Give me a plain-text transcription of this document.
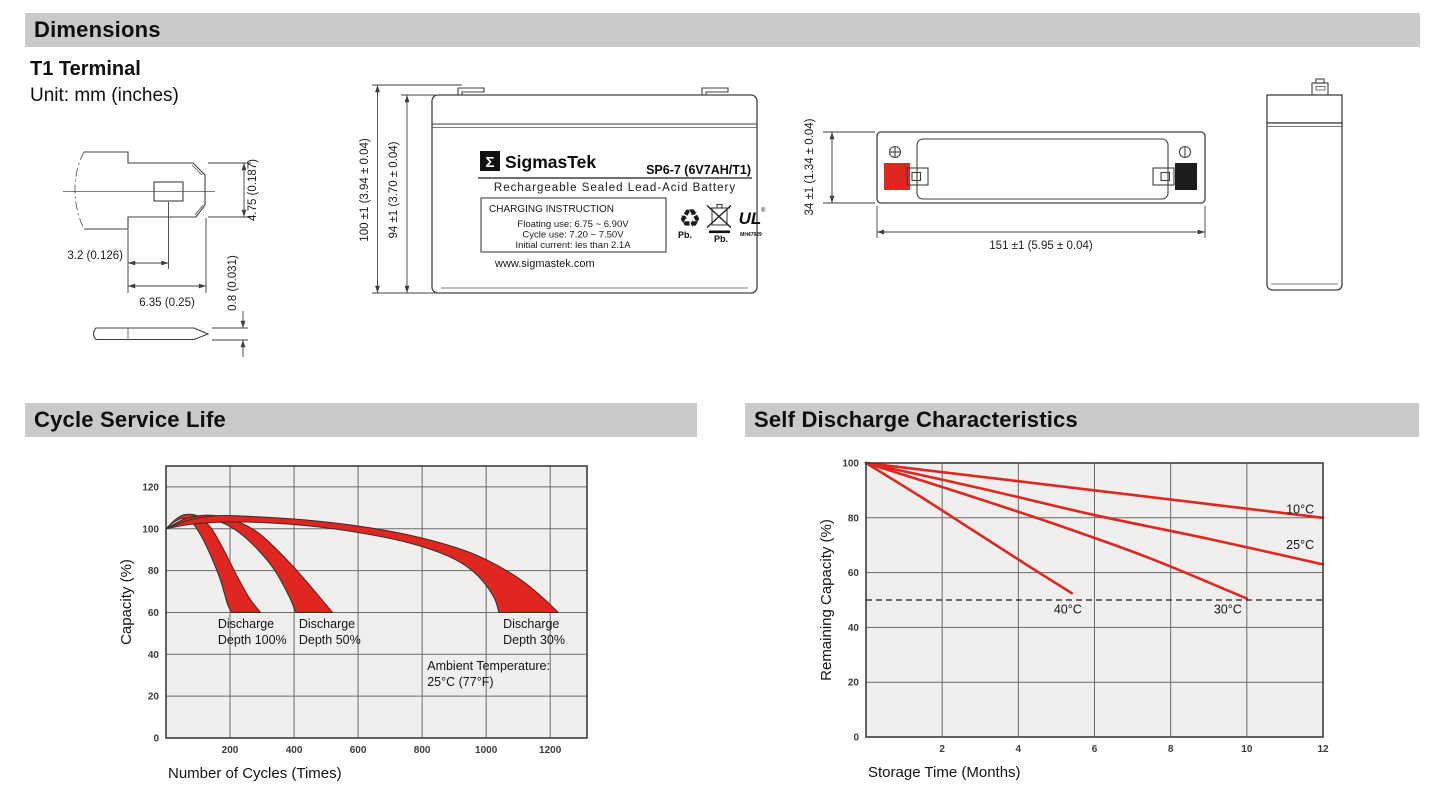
Dimensions
T1 Terminal
Unit: mm (inches)
Cycle Service Life	Self Discharge Characteristics
4.75 (0.187)
3.2 (0.126)
6.35 (0.25)	0.8 (0.031)
Σ SigmasTek	SP6-7 (6V7AH/T1)
Rechargeable Sealed Lead-Acid Battery
CHARGING INSTRUCTION
Floating use: 6.75 ~ 6.90V
Cycle use: 7.20 ~ 7.50V
Initial current: les than 2.1A
www.sigmastek.com
♻
Pb. Pb.
UL ®
MH47929
100 ±1 (3.94 ± 0.04) 94 ±1 (3.70 ± 0.04)
151 ±1 (5.95 ± 0.04)
34 ±1 (1.34 ± 0.04)
200	400	600	800	1000	1200
0
20
40
60
80
100
120
Discharge
Depth 100%
Discharge
Depth 50%
Discharge
Depth 30%
Ambient Temperature:
25°C (77°F)
Number of Cycles (Times)
Capacity (%)
2	4	6	8	10	12
0
20
40
60
80
100
10°C
25°C
30°C
40°C
Storage Time (Months)
Remaining Capacity (%)
